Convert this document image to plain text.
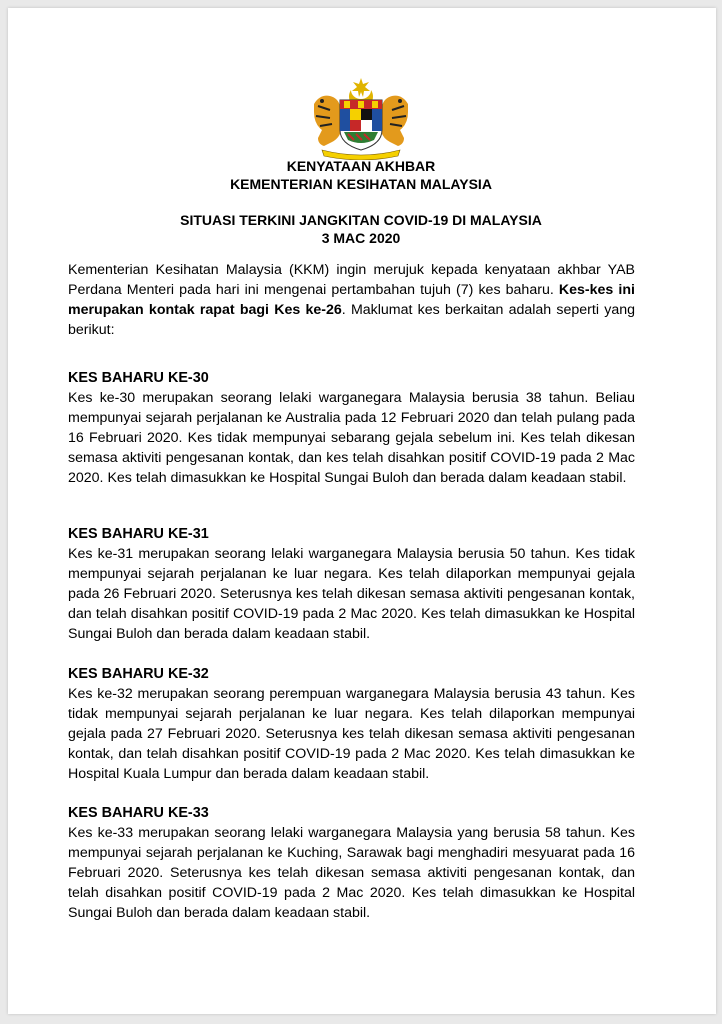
KENYATAAN AKHBAR

KEMENTERIAN KESIHATAN MALAYSIA

SITUASI TERKINI JANGKITAN COVID-19 DI MALAYSIA

3 MAC 2020

Kementerian Kesihatan Malaysia (KKM) ingin merujuk kepada kenyataan akhbar YAB Perdana Menteri pada hari ini mengenai pertambahan tujuh (7) kes baharu. Kes-kes ini merupakan kontak rapat bagi Kes ke-26. Maklumat kes berkaitan adalah seperti yang berikut:

KES BAHARU KE-30

Kes ke-30 merupakan seorang lelaki warganegara Malaysia berusia 38 tahun. Beliau mempunyai sejarah perjalanan ke Australia pada 12 Februari 2020 dan telah pulang pada 16 Februari 2020. Kes tidak mempunyai sebarang gejala sebelum ini. Kes telah dikesan semasa aktiviti pengesanan kontak, dan kes telah disahkan positif COVID-19 pada 2 Mac 2020. Kes telah dimasukkan ke Hospital Sungai Buloh dan berada dalam keadaan stabil.

KES BAHARU KE-31

Kes ke-31 merupakan seorang lelaki warganegara Malaysia berusia 50 tahun. Kes tidak mempunyai sejarah perjalanan ke luar negara. Kes telah dilaporkan mempunyai gejala pada 26 Februari 2020. Seterusnya kes telah dikesan semasa aktiviti pengesanan kontak, dan telah disahkan positif COVID-19 pada 2 Mac 2020. Kes telah dimasukkan ke Hospital Sungai Buloh dan berada dalam keadaan stabil.

KES BAHARU KE-32

Kes ke-32 merupakan seorang perempuan warganegara Malaysia berusia 43 tahun. Kes tidak mempunyai sejarah perjalanan ke luar negara. Kes telah dilaporkan mempunyai gejala pada 27 Februari 2020. Seterusnya kes telah dikesan semasa aktiviti pengesanan kontak, dan telah disahkan positif COVID-19 pada 2 Mac 2020. Kes telah dimasukkan ke Hospital Kuala Lumpur dan berada dalam keadaan stabil.

KES BAHARU KE-33

Kes ke-33 merupakan seorang lelaki warganegara Malaysia yang berusia 58 tahun. Kes mempunyai sejarah perjalanan ke Kuching, Sarawak bagi menghadiri mesyuarat pada 16 Februari 2020. Seterusnya kes telah dikesan semasa aktiviti pengesanan kontak, dan telah disahkan positif COVID-19 pada 2 Mac 2020. Kes telah dimasukkan ke Hospital Sungai Buloh dan berada dalam keadaan stabil.
